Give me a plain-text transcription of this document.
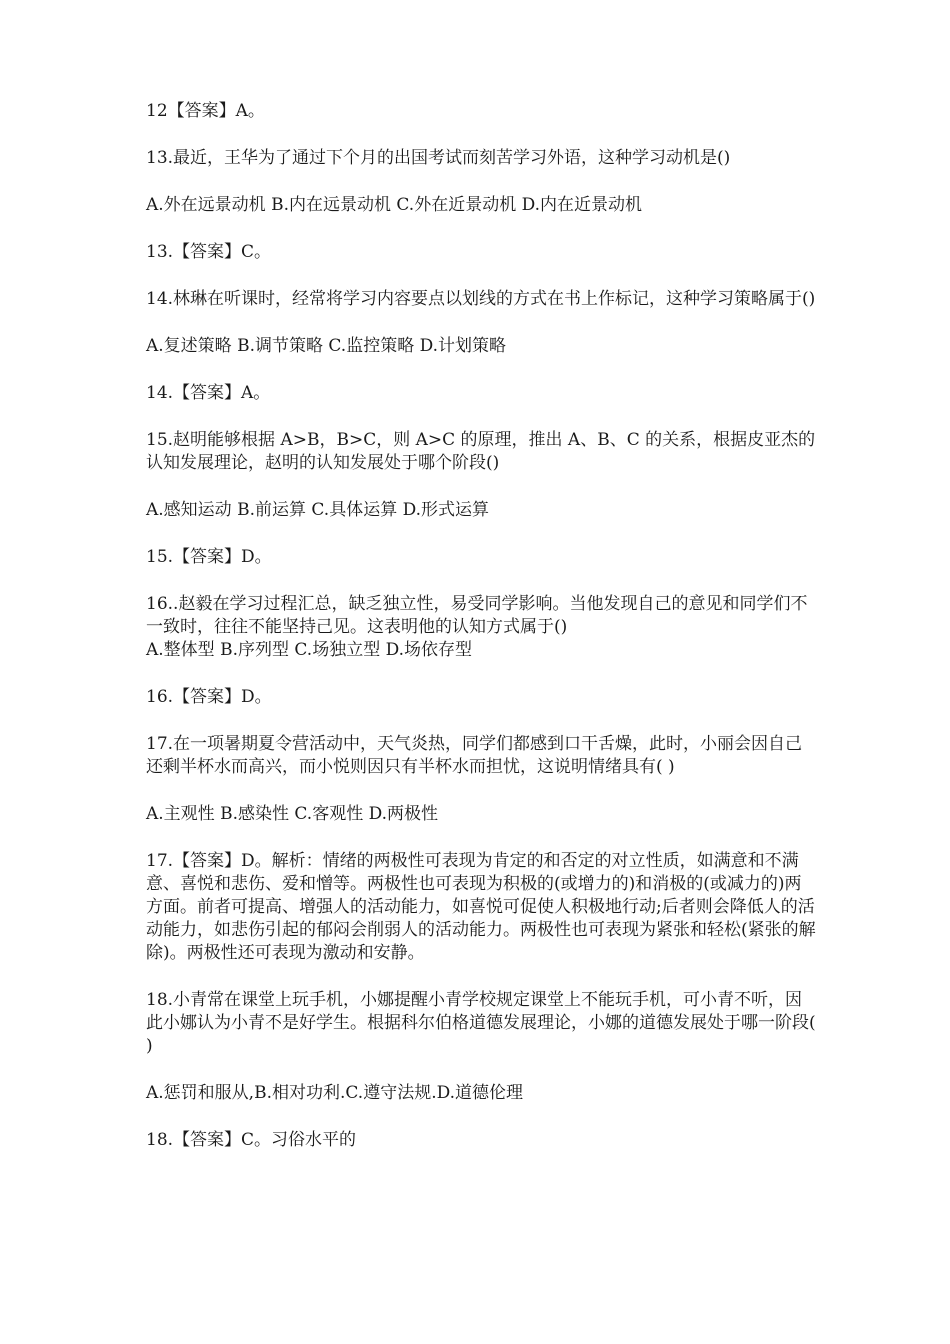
12【答案】A。

13.最近，王华为了通过下个月的出国考试而刻苦学习外语，这种学习动机是()

A.外在远景动机 B.内在远景动机 C.外在近景动机 D.内在近景动机

13.【答案】C。

14.林琳在听课时，经常将学习内容要点以划线的方式在书上作标记，这种学习策略属于()

A.复述策略 B.调节策略 C.监控策略 D.计划策略

14.【答案】A。

15.赵明能够根据 A>B，B>C，则 A>C 的原理，推出 A、B、C 的关系，根据皮亚杰的认知发展理论，赵明的认知发展处于哪个阶段()

A.感知运动 B.前运算 C.具体运算 D.形式运算

15.【答案】D。

16..赵毅在学习过程汇总，缺乏独立性，易受同学影响。当他发现自己的意见和同学们不一致时，往往不能坚持己见。这表明他的认知方式属于()

A.整体型 B.序列型 C.场独立型 D.场依存型

16.【答案】D。

17.在一项暑期夏令营活动中，天气炎热，同学们都感到口干舌燥，此时，小丽会因自己还剩半杯水而高兴，而小悦则因只有半杯水而担忧，这说明情绪具有( )

A.主观性 B.感染性 C.客观性 D.两极性

17.【答案】D。解析：情绪的两极性可表现为肯定的和否定的对立性质，如满意和不满意、喜悦和悲伤、爱和憎等。两极性也可表现为积极的(或增力的)和消极的(或减力的)两方面。前者可提高、增强人的活动能力，如喜悦可促使人积极地行动;后者则会降低人的活动能力，如悲伤引起的郁闷会削弱人的活动能力。两极性也可表现为紧张和轻松(紧张的解除)。两极性还可表现为激动和安静。

18.小青常在课堂上玩手机，小娜提醒小青学校规定课堂上不能玩手机，可小青不听，因此小娜认为小青不是好学生。根据科尔伯格道德发展理论，小娜的道德发展处于哪一阶段( )

A.惩罚和服从,B.相对功利.C.遵守法规.D.道德伦理

18.【答案】C。习俗水平的
